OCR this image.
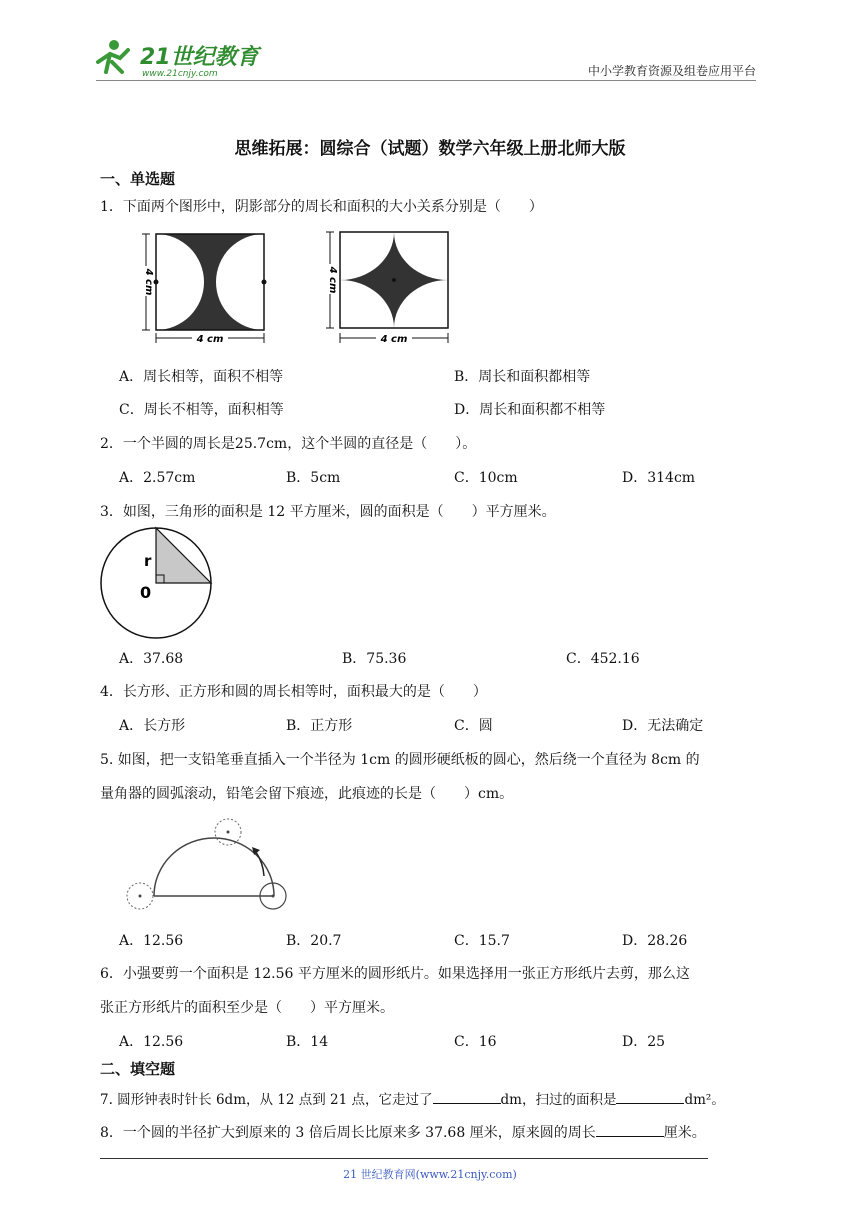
21世纪教育
www.21cnjy.com	中小学教育资源及组卷应用平台
思维拓展：圆综合（试题）数学六年级上册北师大版
一、单选题
1．下面两个图形中，阴影部分的周长和面积的大小关系分别是（　　）
4 cm
4 cm
4 cm
4 cm
A．周长相等，面积不相等	B．周长和面积都相等
C．周长不相等，面积相等	D．周长和面积都不相等
2．一个半圆的周长是25.7cm，这个半圆的直径是（　　）。
A．2.57cm	B．5cm	C．10cm	D．314cm
3．如图，三角形的面积是 12 平方厘米，圆的面积是（　　）平方厘米。
r
0
A．37.68	B．75.36	C．452.16
4．长方形、正方形和圆的周长相等时，面积最大的是（　　）
A．长方形	B．正方形	C．圆	D．无法确定
5. 如图，把一支铅笔垂直插入一个半径为 1cm 的圆形硬纸板的圆心，然后绕一个直径为 8cm 的
量角器的圆弧滚动，铅笔会留下痕迹，此痕迹的长是（　　）cm。
A．12.56	B．20.7	C．15.7	D．28.26
6．小强要剪一个面积是 12.56 平方厘米的圆形纸片。如果选择用一张正方形纸片去剪，那么这
张正方形纸片的面积至少是（　　）平方厘米。
A．12.56	B．14	C．16	D．25
二、填空题
7. 圆形钟表时针长 6dm，从 12 点到 21 点，它走过了	dm，扫过的面积是	dm²。
8．一个圆的半径扩大到原来的 3 倍后周长比原来多 37.68 厘米，原来圆的周长	厘米。
21 世纪教育网(www.21cnjy.com)
